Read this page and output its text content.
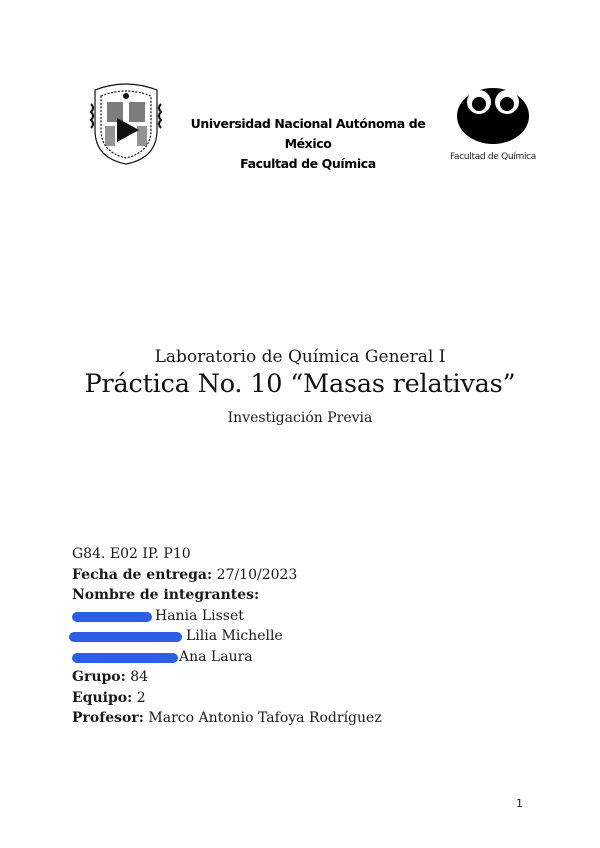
Universidad Nacional Autónoma de México
Facultad de Química	Facultad de Química
Laboratorio de Química General I
Práctica No. 10 “Masas relativas”
Investigación Previa
G84. E02 IP. P10
Fecha de entrega: 27/10/2023
Nombre de integrantes:
Hania Lisset
Lilia Michelle
Ana Laura
Grupo: 84
Equipo: 2
Profesor: Marco Antonio Tafoya Rodríguez
1
